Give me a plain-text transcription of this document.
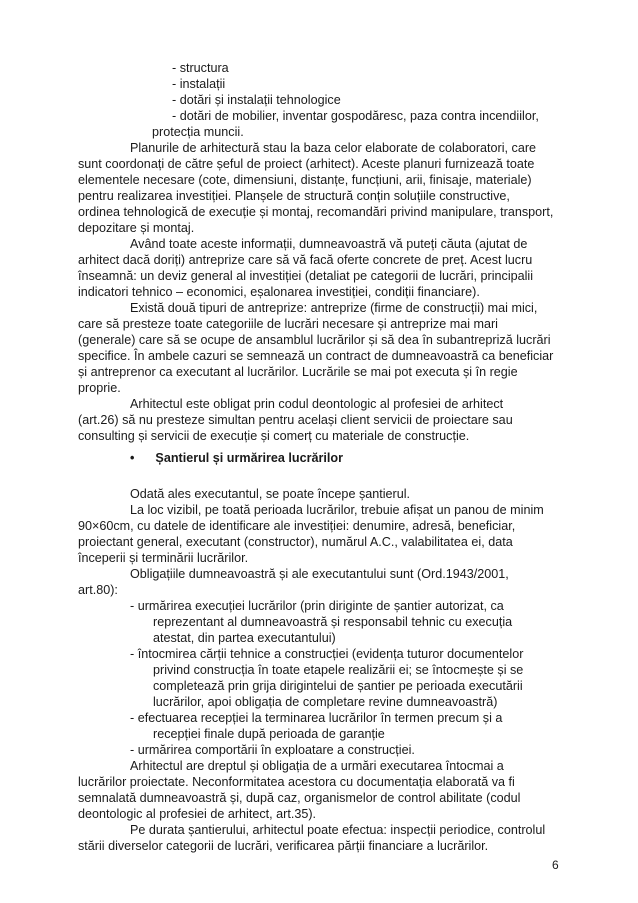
- structura

- instalații

- dotări și instalații tehnologice

- dotări de mobilier, inventar gospodăresc, paza contra incendiilor,

protecția muncii.

Planurile de arhitectură stau la baza celor elaborate de colaboratori, care

sunt coordonați de către șeful de proiect (arhitect). Aceste planuri furnizează toate

elementele necesare (cote, dimensiuni, distanțe, funcțiuni, arii, finisaje, materiale)

pentru realizarea investiției. Planșele de structură conțin soluțiile constructive,

ordinea tehnologică de execuție și montaj, recomandări privind manipulare, transport,

depozitare și montaj.

Având toate aceste informații, dumneavoastră vă puteți căuta (ajutat de

arhitect dacă doriți) antreprize care să vă facă oferte concrete de preț. Acest lucru

înseamnă: un deviz general al investiției (detaliat pe categorii de lucrări, principalii

indicatori tehnico – economici, eșalonarea investiției, condiții financiare).

Există două tipuri de antreprize: antreprize (firme de construcții) mai mici,

care să presteze toate categoriile de lucrări necesare și antreprize mai mari

(generale) care să se ocupe de ansamblul lucrărilor și să dea în subantrepriză lucrări

specifice. În ambele cazuri se semnează un contract de dumneavoastră ca beneficiar

și antreprenor ca executant al lucrărilor. Lucrările se mai pot executa și în regie

proprie.

Arhitectul este obligat prin codul deontologic al profesiei de arhitect

(art.26) să nu presteze simultan pentru același client servicii de proiectare sau

consulting și servicii de execuție și comerț cu materiale de construcție.

Odată ales executantul, se poate începe șantierul.

La loc vizibil, pe toată perioada lucrărilor, trebuie afișat un panou de minim

90×60cm, cu datele de identificare ale investiției: denumire, adresă, beneficiar,

proiectant general, executant (constructor), numărul A.C., valabilitatea ei, data

începerii și terminării lucrărilor.

Obligațiile dumneavoastră și ale executantului sunt (Ord.1943/2001,

art.80):

- urmărirea execuției lucrărilor (prin diriginte de șantier autorizat, ca

reprezentant al dumneavoastră și responsabil tehnic cu execuția

atestat, din partea executantului)

- întocmirea cărții tehnice a construcției (evidența tuturor documentelor

privind construcția în toate etapele realizării ei; se întocmește și se

completează prin grija dirigintelui de șantier pe perioada executării

lucrărilor, apoi obligația de completare revine dumneavoastră)

- efectuarea recepției la terminarea lucrărilor în termen precum și a

recepției finale după perioada de garanție

- urmărirea comportării în exploatare a construcției.

Arhitectul are dreptul și obligația de a urmări executarea întocmai a

lucrărilor proiectate. Neconformitatea acestora cu documentația elaborată va fi

semnalată dumneavoastră și, după caz, organismelor de control abilitate (codul

deontologic al profesiei de arhitect, art.35).

Pe durata șantierului, arhitectul poate efectua: inspecții periodice, controlul

stării diverselor categorii de lucrări, verificarea părții financiare a lucrărilor.

• Șantierul și urmărirea lucrărilor
6
